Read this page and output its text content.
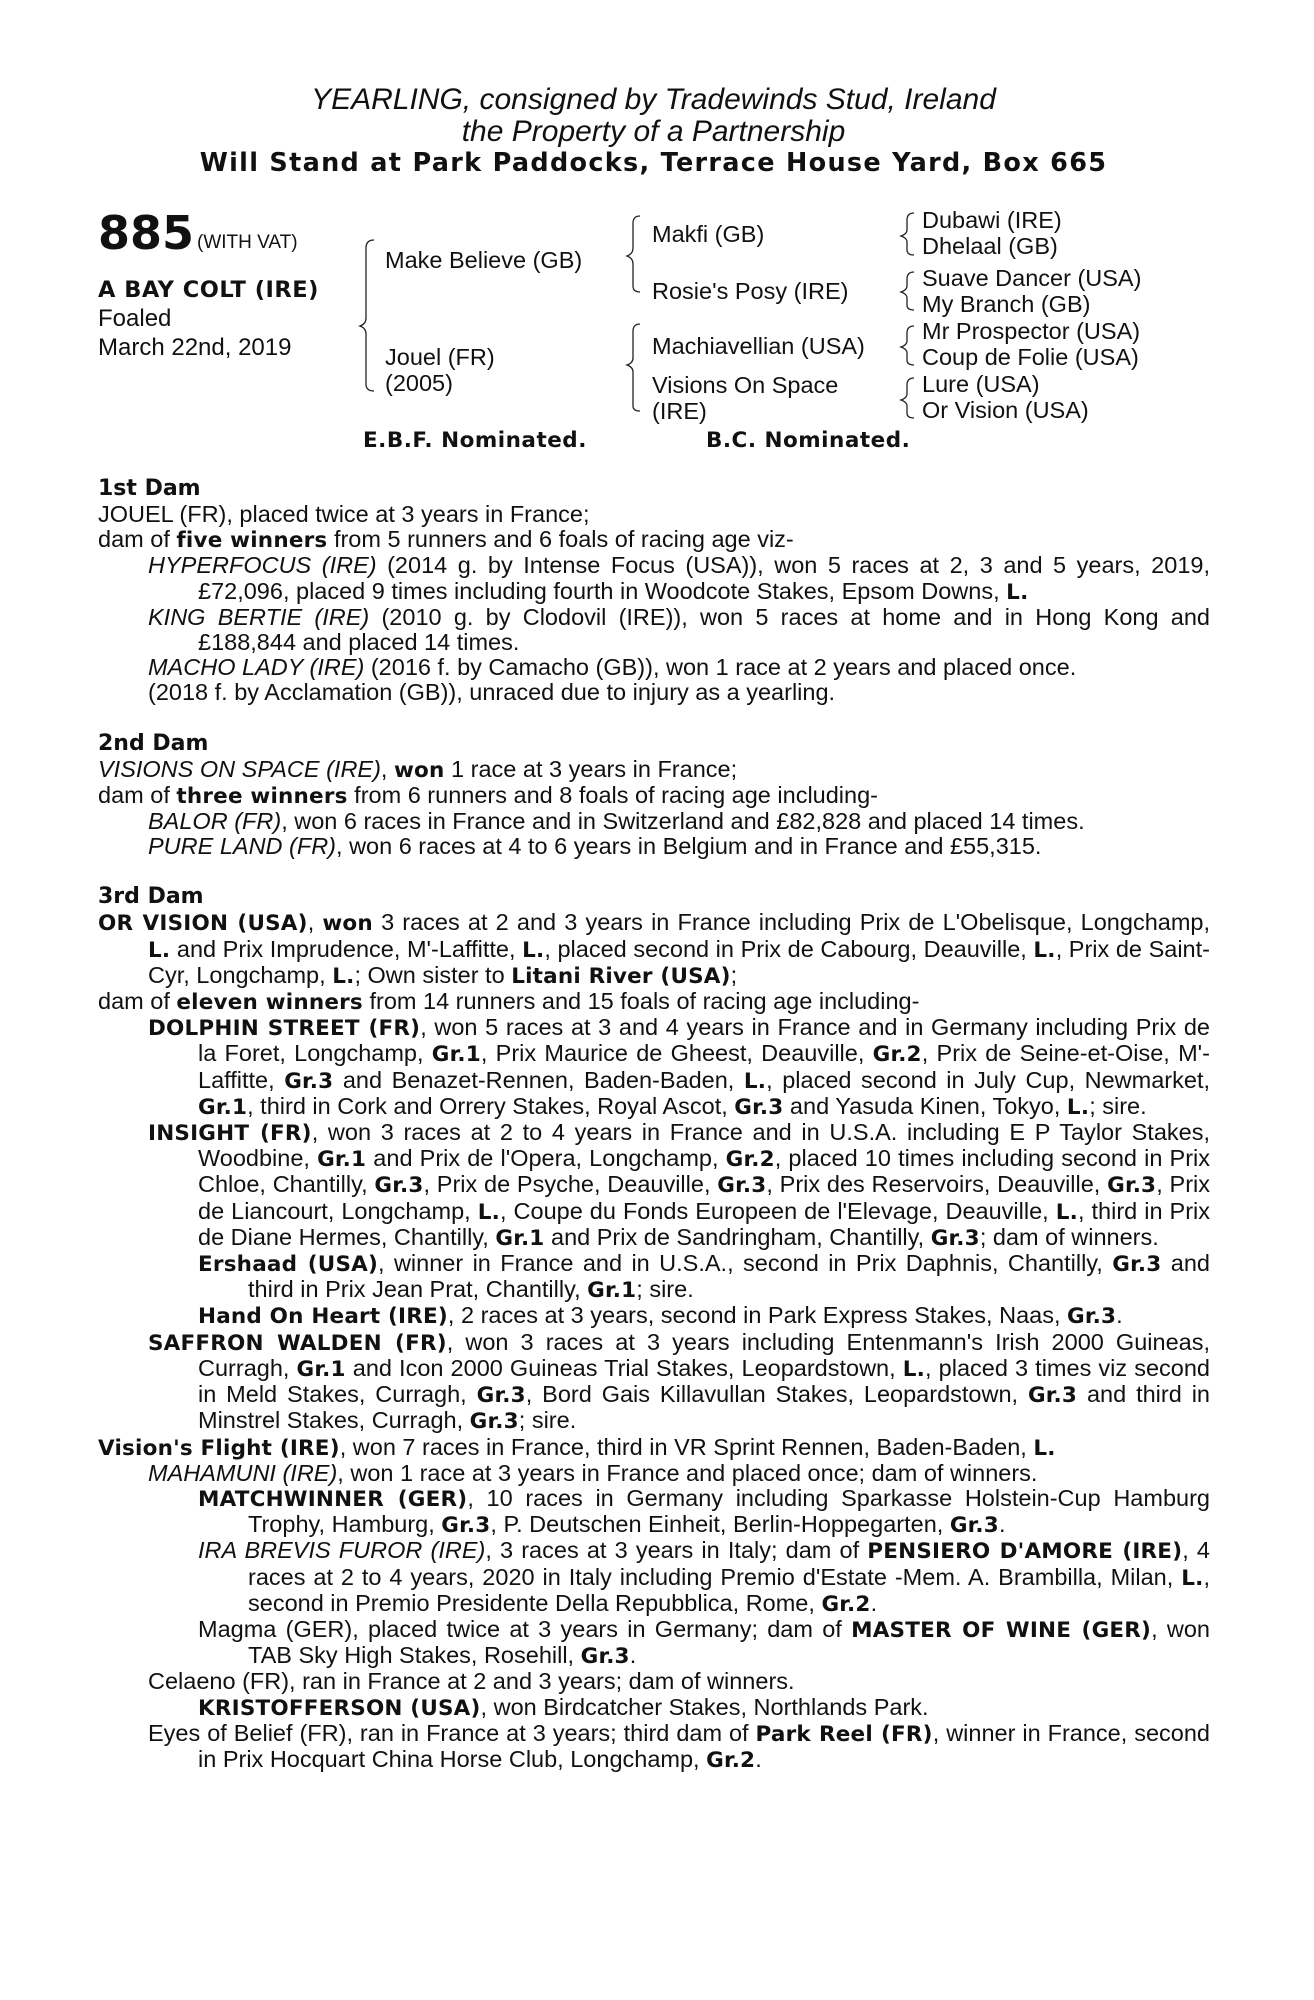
YEARLING, consigned by Tradewinds Stud, Ireland
the Property of a Partnership
Will Stand at Park Paddocks, Terrace House Yard, Box 665
885 (WITH VAT)
A BAY COLT (IRE)
Foaled
March 22nd, 2019
Make Believe (GB)
Jouel (FR)
(2005)
Makfi (GB)
Rosie's Posy (IRE)
Machiavellian (USA)
Visions On Space
(IRE)
Dubawi (IRE)
Dhelaal (GB)
Suave Dancer (USA)
My Branch (GB)
Mr Prospector (USA)
Coup de Folie (USA)
Lure (USA)
Or Vision (USA)
E.B.F. Nominated.	B.C. Nominated.
1st Dam
JOUEL (FR), placed twice at 3 years in France;
dam of five winners from 5 runners and 6 foals of racing age viz-
HYPERFOCUS (IRE) (2014 g. by Intense Focus (USA)), won 5 races at 2, 3 and 5 years, 2019, £72,096, placed 9 times including fourth in Woodcote Stakes, Epsom Downs, L.
KING BERTIE (IRE) (2010 g. by Clodovil (IRE)), won 5 races at home and in Hong Kong and £188,844 and placed 14 times.
MACHO LADY (IRE) (2016 f. by Camacho (GB)), won 1 race at 2 years and placed once.
(2018 f. by Acclamation (GB)), unraced due to injury as a yearling.
2nd Dam
VISIONS ON SPACE (IRE), won 1 race at 3 years in France;
dam of three winners from 6 runners and 8 foals of racing age including-
BALOR (FR), won 6 races in France and in Switzerland and £82,828 and placed 14 times.
PURE LAND (FR), won 6 races at 4 to 6 years in Belgium and in France and £55,315.
3rd Dam
OR VISION (USA), won 3 races at 2 and 3 years in France including Prix de L'Obelisque, Longchamp, L. and Prix Imprudence, M'-Laffitte, L., placed second in Prix de Cabourg, Deauville, L., Prix de Saint-Cyr, Longchamp, L.; Own sister to Litani River (USA);
dam of eleven winners from 14 runners and 15 foals of racing age including-
DOLPHIN STREET (FR), won 5 races at 3 and 4 years in France and in Germany including Prix de la Foret, Longchamp, Gr.1, Prix Maurice de Gheest, Deauville, Gr.2, Prix de Seine-et-Oise, M'-Laffitte, Gr.3 and Benazet-Rennen, Baden-Baden, L., placed second in July Cup, Newmarket, Gr.1, third in Cork and Orrery Stakes, Royal Ascot, Gr.3 and Yasuda Kinen, Tokyo, L.; sire.
INSIGHT (FR), won 3 races at 2 to 4 years in France and in U.S.A. including E P Taylor Stakes, Woodbine, Gr.1 and Prix de l'Opera, Longchamp, Gr.2, placed 10 times including second in Prix Chloe, Chantilly, Gr.3, Prix de Psyche, Deauville, Gr.3, Prix des Reservoirs, Deauville, Gr.3, Prix de Liancourt, Longchamp, L., Coupe du Fonds Europeen de l'Elevage, Deauville, L., third in Prix de Diane Hermes, Chantilly, Gr.1 and Prix de Sandringham, Chantilly, Gr.3; dam of winners.
Ershaad (USA), winner in France and in U.S.A., second in Prix Daphnis, Chantilly, Gr.3 and third in Prix Jean Prat, Chantilly, Gr.1; sire.
Hand On Heart (IRE), 2 races at 3 years, second in Park Express Stakes, Naas, Gr.3.
SAFFRON WALDEN (FR), won 3 races at 3 years including Entenmann's Irish 2000 Guineas, Curragh, Gr.1 and Icon 2000 Guineas Trial Stakes, Leopardstown, L., placed 3 times viz second in Meld Stakes, Curragh, Gr.3, Bord Gais Killavullan Stakes, Leopardstown, Gr.3 and third in Minstrel Stakes, Curragh, Gr.3; sire.
Vision's Flight (IRE), won 7 races in France, third in VR Sprint Rennen, Baden-Baden, L.
MAHAMUNI (IRE), won 1 race at 3 years in France and placed once; dam of winners.
MATCHWINNER (GER), 10 races in Germany including Sparkasse Holstein-Cup Hamburg Trophy, Hamburg, Gr.3, P. Deutschen Einheit, Berlin-Hoppegarten, Gr.3.
IRA BREVIS FUROR (IRE), 3 races at 3 years in Italy; dam of PENSIERO D'AMORE (IRE), 4 races at 2 to 4 years, 2020 in Italy including Premio d'Estate -Mem. A. Brambilla, Milan, L., second in Premio Presidente Della Repubblica, Rome, Gr.2.
Magma (GER), placed twice at 3 years in Germany; dam of MASTER OF WINE (GER), won TAB Sky High Stakes, Rosehill, Gr.3.
Celaeno (FR), ran in France at 2 and 3 years; dam of winners.
KRISTOFFERSON (USA), won Birdcatcher Stakes, Northlands Park.
Eyes of Belief (FR), ran in France at 3 years; third dam of Park Reel (FR), winner in France, second in Prix Hocquart China Horse Club, Longchamp, Gr.2.
